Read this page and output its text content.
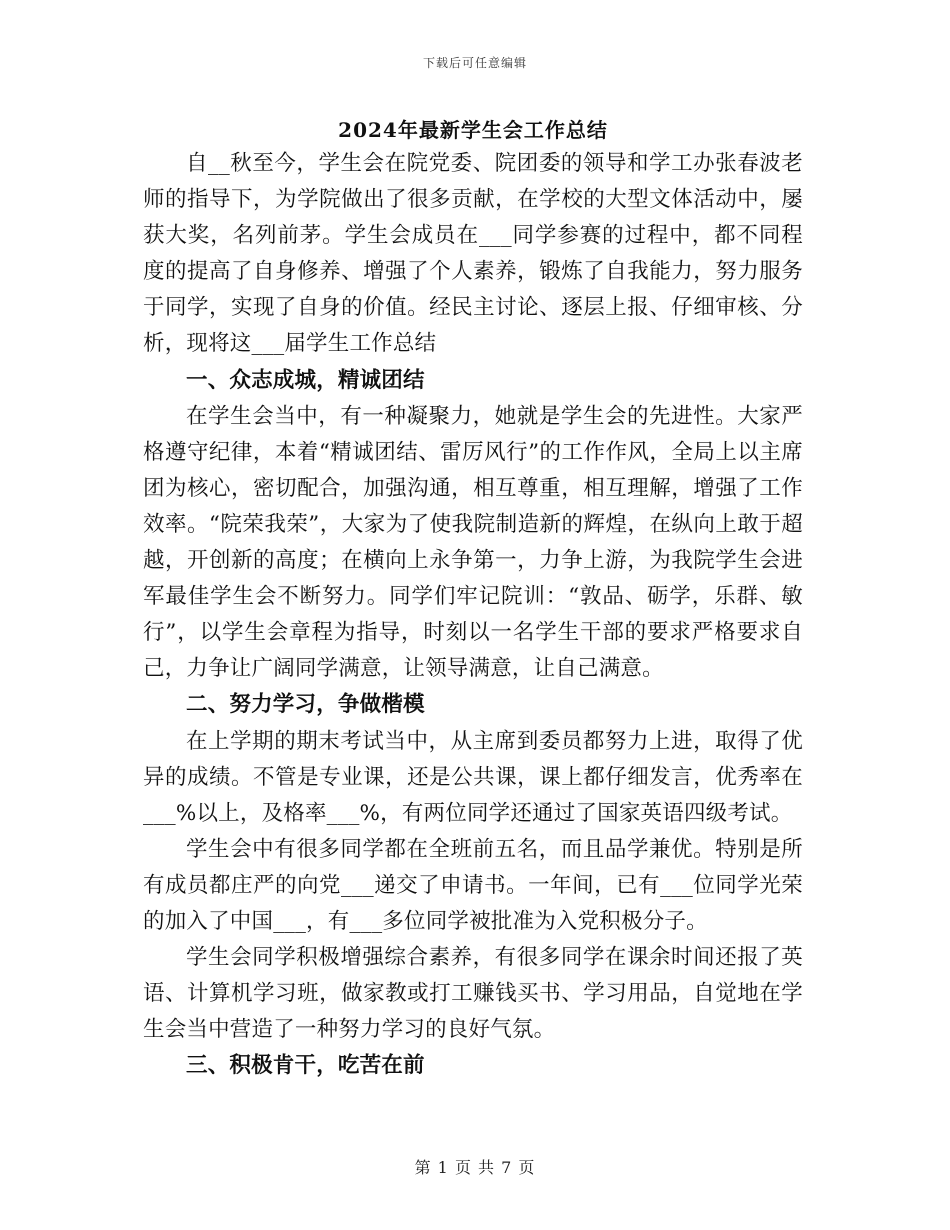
下载后可任意编辑
2024年最新学生会工作总结

自__秋至今，学生会在院党委、院团委的领导和学工办张春波老师的指导下，为学院做出了很多贡献，在学校的大型文体活动中，屡获大奖，名列前茅。学生会成员在___同学参赛的过程中，都不同程度的提高了自身修养、增强了个人素养，锻炼了自我能力，努力服务于同学，实现了自身的价值。经民主讨论、逐层上报、仔细审核、分析，现将这___届学生工作总结

一、众志成城，精诚团结

在学生会当中，有一种凝聚力，她就是学生会的先进性。大家严格遵守纪律，本着“精诚团结、雷厉风行”的工作作风，全局上以主席团为核心，密切配合，加强沟通，相互尊重，相互理解，增强了工作效率。“院荣我荣”，大家为了使我院制造新的辉煌，在纵向上敢于超越，开创新的高度；在横向上永争第一，力争上游，为我院学生会进军最佳学生会不断努力。同学们牢记院训：“敦品、砺学，乐群、敏行”，以学生会章程为指导，时刻以一名学生干部的要求严格要求自己，力争让广阔同学满意，让领导满意，让自己满意。

二、努力学习，争做楷模

在上学期的期末考试当中，从主席到委员都努力上进，取得了优异的成绩。不管是专业课，还是公共课，课上都仔细发言，优秀率在___%以上，及格率___%，有两位同学还通过了国家英语四级考试。

学生会中有很多同学都在全班前五名，而且品学兼优。特别是所有成员都庄严的向党___递交了申请书。一年间，已有___位同学光荣的加入了中国___，有___多位同学被批准为入党积极分子。

学生会同学积极增强综合素养，有很多同学在课余时间还报了英语、计算机学习班，做家教或打工赚钱买书、学习用品，自觉地在学生会当中营造了一种努力学习的良好气氛。

三、积极肯干，吃苦在前

第 1 页 共 7 页
